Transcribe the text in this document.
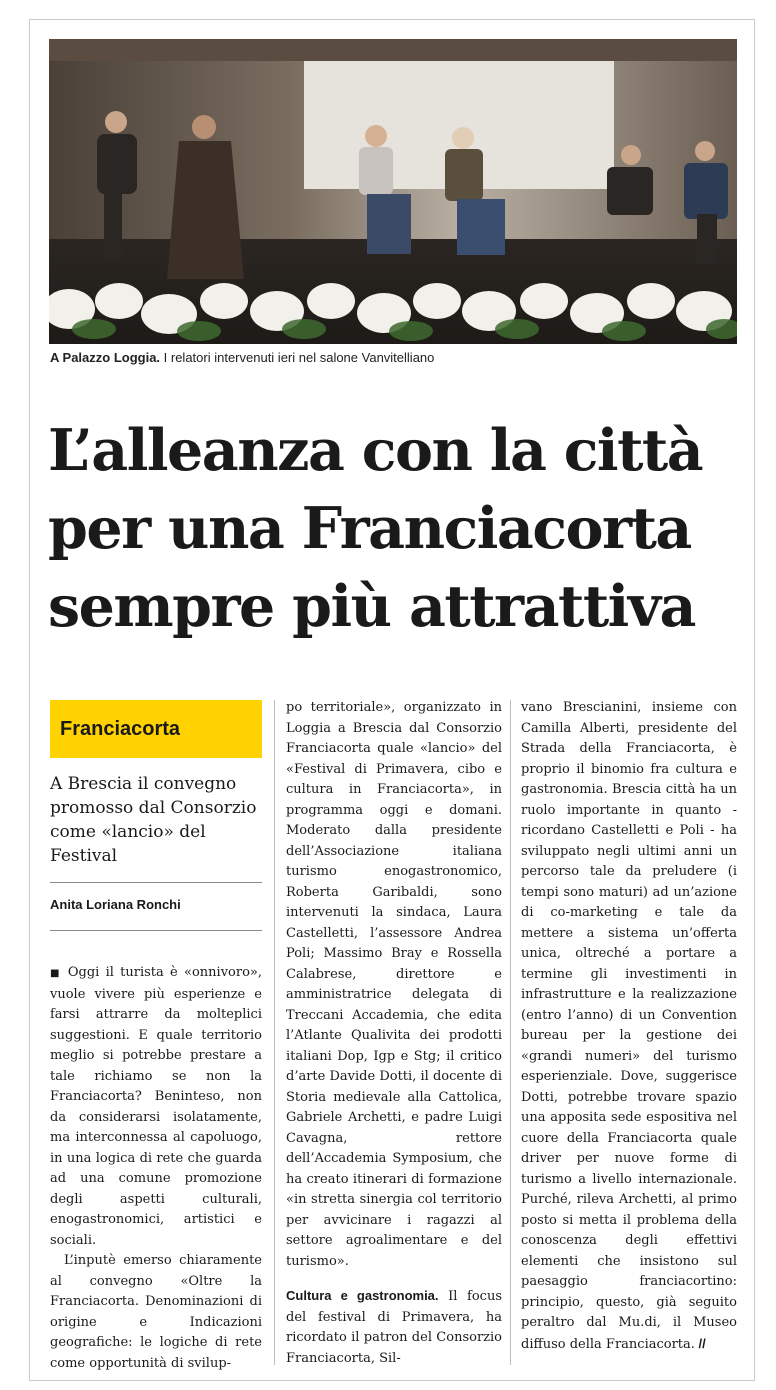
A Palazzo Loggia. I relatori intervenuti ieri nel salone Vanvitelliano
L’alleanza con la città
per una Franciacorta
sempre più attrattiva
Franciacorta
A Brescia il convegno promosso dal Consorzio come «lancio» del Festival
Anita Loriana Ronchi

■ Oggi il turista è «onnivoro», vuole vivere più esperienze e farsi attrarre da molteplici suggestioni. E quale territorio meglio si potrebbe prestare a tale richiamo se non la Franciacorta? Beninteso, non da considerarsi isolatamente, ma interconnessa al capoluogo, in una logica di rete che guarda ad una comune promozione degli aspetti culturali, enogastronomici, artistici e sociali.

L’inputè emerso chiaramente al convegno «Oltre la Franciacorta. Denominazioni di origine e Indicazioni geografiche: le logiche di rete come opportunità di svilup-

po territoriale», organizzato in Loggia a Brescia dal Consorzio Franciacorta quale «lancio» del «Festival di Primavera, cibo e cultura in Franciacorta», in programma oggi e domani. Moderato dalla presidente dell’Associazione italiana turismo enogastronomico, Roberta Garibaldi, sono intervenuti la sindaca, Laura Castelletti, l’assessore Andrea Poli; Massimo Bray e Rossella Calabrese, direttore e amministratrice delegata di Treccani Accademia, che edita l’Atlante Qualivita dei prodotti italiani Dop, Igp e Stg; il critico d’arte Davide Dotti, il docente di Storia medievale alla Cattolica, Gabriele Archetti, e padre Luigi Cavagna, rettore dell’Accademia Symposium, che ha creato itinerari di formazione «in stretta sinergia col territorio per avvicinare i ragazzi al settore agroalimentare e del turismo».

Cultura e gastronomia. Il focus del festival di Primavera, ha ricordato il patron del Consorzio Franciacorta, Sil-

vano Brescianini, insieme con Camilla Alberti, presidente del Strada della Franciacorta, è proprio il binomio fra cultura e gastronomia. Brescia città ha un ruolo importante in quanto - ricordano Castelletti e Poli - ha sviluppato negli ultimi anni un percorso tale da preludere (i tempi sono maturi) ad un’azione di co-marketing e tale da mettere a sistema un’offerta unica, oltreché a portare a termine gli investimenti in infrastrutture e la realizzazione (entro l’anno) di un Convention bureau per la gestione dei «grandi numeri» del turismo esperienziale. Dove, suggerisce Dotti, potrebbe trovare spazio una apposita sede espositiva nel cuore della Franciacorta quale driver per nuove forme di turismo a livello internazionale. Purché, rileva Archetti, al primo posto si metta il problema della conoscenza degli effettivi elementi che insistono sul paesaggio franciacortino: principio, questo, già seguito peraltro dal Mu.di, il Museo diffuso della Franciacorta. //
